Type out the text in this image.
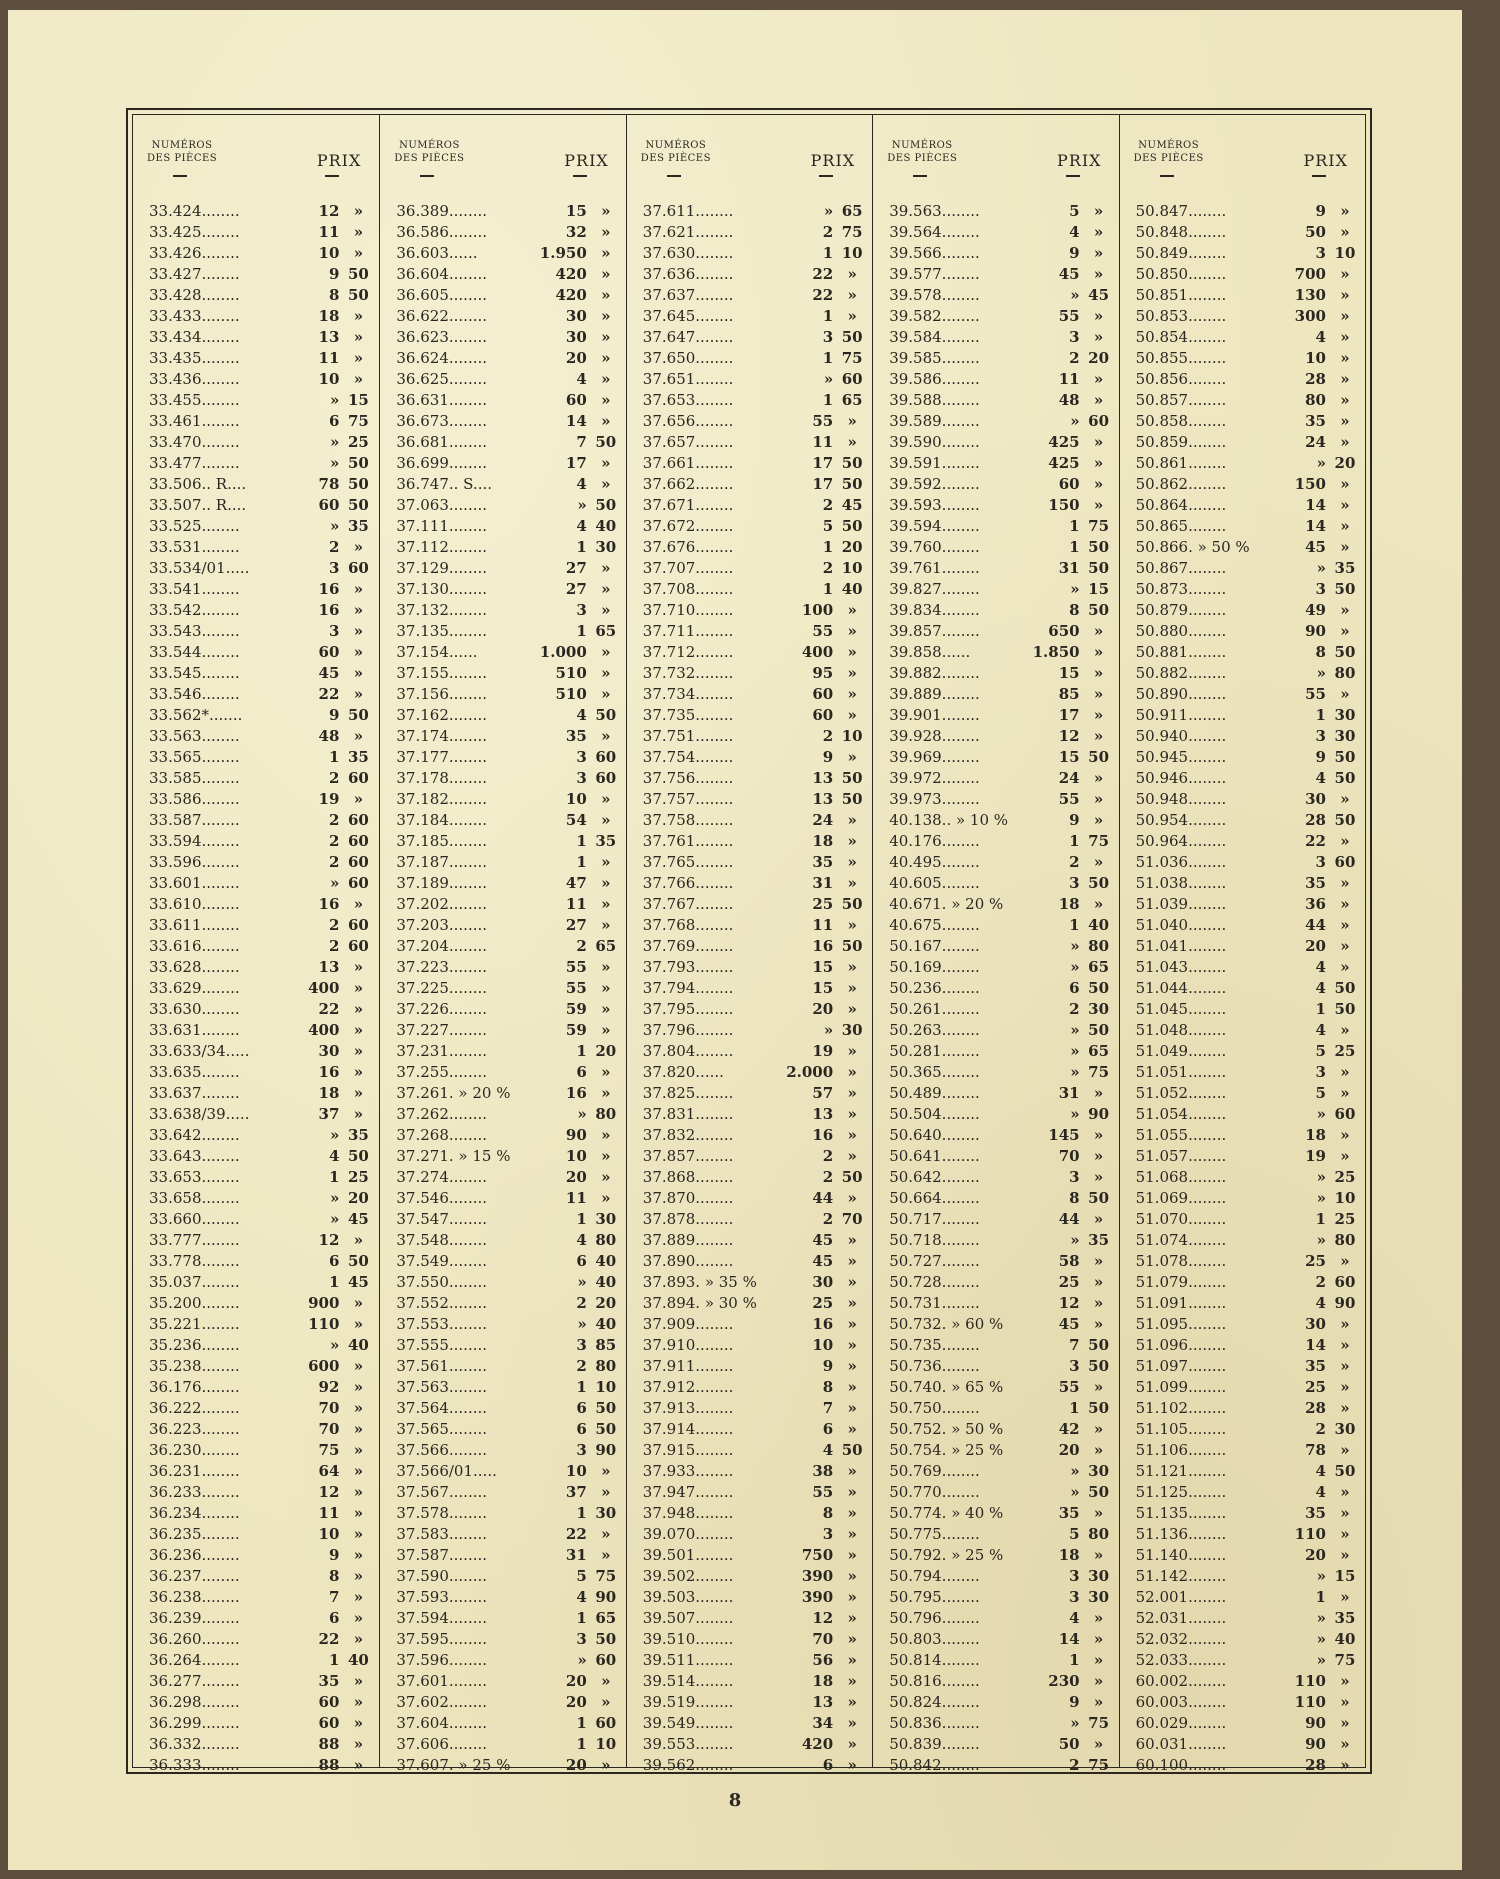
NUMÉROS
DES PIÈCES	PRIX
33.424........	12 »
33.425........	11 »
33.426........	10 »
33.427........	9 50
33.428........	8 50
33.433........	18 »
33.434........	13 »
33.435........	11 »
33.436........	10 »
33.455........	» 15
33.461........	6 75
33.470........	» 25
33.477........	» 50
33.506.. R....	78 50
33.507.. R....	60 50
33.525........	» 35
33.531........	2 »
33.534/01.....	3 60
33.541........	16 »
33.542........	16 »
33.543........	3 »
33.544........	60 »
33.545........	45 »
33.546........	22 »
33.562*.......	9 50
33.563........	48 »
33.565........	1 35
33.585........	2 60
33.586........	19 »
33.587........	2 60
33.594........	2 60
33.596........	2 60
33.601........	» 60
33.610........	16 »
33.611........	2 60
33.616........	2 60
33.628........	13 »
33.629........	400 »
33.630........	22 »
33.631........	400 »
33.633/34.....	30 »
33.635........	16 »
33.637........	18 »
33.638/39.....	37 »
33.642........	» 35
33.643........	4 50
33.653........	1 25
33.658........	» 20
33.660........	» 45
33.777........	12 »
33.778........	6 50
35.037........	1 45
35.200........	900 »
35.221........	110 »
35.236........	» 40
35.238........	600 »
36.176........	92 »
36.222........	70 »
36.223........	70 »
36.230........	75 »
36.231........	64 »
36.233........	12 »
36.234........	11 »
36.235........	10 »
36.236........	9 »
36.237........	8 »
36.238........	7 »
36.239........	6 »
36.260........	22 »
36.264........	1 40
36.277........	35 »
36.298........	60 »
36.299........	60 »
36.332........	88 »
36.333........	88 »
NUMÉROS
DES PIÈCES	PRIX
36.389........	15 »
36.586........	32 »
36.603......	1.950 »
36.604........	420 »
36.605........	420 »
36.622........	30 »
36.623........	30 »
36.624........	20 »
36.625........	4 »
36.631........	60 »
36.673........	14 »
36.681........	7 50
36.699........	17 »
36.747.. S....	4 »
37.063........	» 50
37.111........	4 40
37.112........	1 30
37.129........	27 »
37.130........	27 »
37.132........	3 »
37.135........	1 65
37.154......	1.000 »
37.155........	510 »
37.156........	510 »
37.162........	4 50
37.174........	35 »
37.177........	3 60
37.178........	3 60
37.182........	10 »
37.184........	54 »
37.185........	1 35
37.187........	1 »
37.189........	47 »
37.202........	11 »
37.203........	27 »
37.204........	2 65
37.223........	55 »
37.225........	55 »
37.226........	59 »
37.227........	59 »
37.231........	1 20
37.255........	6 »
37.261. » 20 %	16 »
37.262........	» 80
37.268........	90 »
37.271. » 15 %	10 »
37.274........	20 »
37.546........	11 »
37.547........	1 30
37.548........	4 80
37.549........	6 40
37.550........	» 40
37.552........	2 20
37.553........	» 40
37.555........	3 85
37.561........	2 80
37.563........	1 10
37.564........	6 50
37.565........	6 50
37.566........	3 90
37.566/01.....	10 »
37.567........	37 »
37.578........	1 30
37.583........	22 »
37.587........	31 »
37.590........	5 75
37.593........	4 90
37.594........	1 65
37.595........	3 50
37.596........	» 60
37.601........	20 »
37.602........	20 »
37.604........	1 60
37.606........	1 10
37.607. » 25 %	20 »
NUMÉROS
DES PIÈCES	PRIX
37.611........	» 65
37.621........	2 75
37.630........	1 10
37.636........	22 »
37.637........	22 »
37.645........	1 »
37.647........	3 50
37.650........	1 75
37.651........	» 60
37.653........	1 65
37.656........	55 »
37.657........	11 »
37.661........	17 50
37.662........	17 50
37.671........	2 45
37.672........	5 50
37.676........	1 20
37.707........	2 10
37.708........	1 40
37.710........	100 »
37.711........	55 »
37.712........	400 »
37.732........	95 »
37.734........	60 »
37.735........	60 »
37.751........	2 10
37.754........	9 »
37.756........	13 50
37.757........	13 50
37.758........	24 »
37.761........	18 »
37.765........	35 »
37.766........	31 »
37.767........	25 50
37.768........	11 »
37.769........	16 50
37.793........	15 »
37.794........	15 »
37.795........	20 »
37.796........	» 30
37.804........	19 »
37.820......	2.000 »
37.825........	57 »
37.831........	13 »
37.832........	16 »
37.857........	2 »
37.868........	2 50
37.870........	44 »
37.878........	2 70
37.889........	45 »
37.890........	45 »
37.893. » 35 %	30 »
37.894. » 30 %	25 »
37.909........	16 »
37.910........	10 »
37.911........	9 »
37.912........	8 »
37.913........	7 »
37.914........	6 »
37.915........	4 50
37.933........	38 »
37.947........	55 »
37.948........	8 »
39.070........	3 »
39.501........	750 »
39.502........	390 »
39.503........	390 »
39.507........	12 »
39.510........	70 »
39.511........	56 »
39.514........	18 »
39.519........	13 »
39.549........	34 »
39.553........	420 »
39.562........	6 »
NUMÉROS
DES PIÈCES	PRIX
39.563........	5 »
39.564........	4 »
39.566........	9 »
39.577........	45 »
39.578........	» 45
39.582........	55 »
39.584........	3 »
39.585........	2 20
39.586........	11 »
39.588........	48 »
39.589........	» 60
39.590........	425 »
39.591........	425 »
39.592........	60 »
39.593........	150 »
39.594........	1 75
39.760........	1 50
39.761........	31 50
39.827........	» 15
39.834........	8 50
39.857........	650 »
39.858......	1.850 »
39.882........	15 »
39.889........	85 »
39.901........	17 »
39.928........	12 »
39.969........	15 50
39.972........	24 »
39.973........	55 »
40.138.. » 10 %	9 »
40.176........	1 75
40.495........	2 »
40.605........	3 50
40.671. » 20 %	18 »
40.675........	1 40
50.167........	» 80
50.169........	» 65
50.236........	6 50
50.261........	2 30
50.263........	» 50
50.281........	» 65
50.365........	» 75
50.489........	31 »
50.504........	» 90
50.640........	145 »
50.641........	70 »
50.642........	3 »
50.664........	8 50
50.717........	44 »
50.718........	» 35
50.727........	58 »
50.728........	25 »
50.731........	12 »
50.732. » 60 %	45 »
50.735........	7 50
50.736........	3 50
50.740. » 65 %	55 »
50.750........	1 50
50.752. » 50 %	42 »
50.754. » 25 %	20 »
50.769........	» 30
50.770........	» 50
50.774. » 40 %	35 »
50.775........	5 80
50.792. » 25 %	18 »
50.794........	3 30
50.795........	3 30
50.796........	4 »
50.803........	14 »
50.814........	1 »
50.816........	230 »
50.824........	9 »
50.836........	» 75
50.839........	50 »
50.842........	2 75
NUMÉROS
DES PIÈCES	PRIX
50.847........	9 »
50.848........	50 »
50.849........	3 10
50.850........	700 »
50.851........	130 »
50.853........	300 »
50.854........	4 »
50.855........	10 »
50.856........	28 »
50.857........	80 »
50.858........	35 »
50.859........	24 »
50.861........	» 20
50.862........	150 »
50.864........	14 »
50.865........	14 »
50.866. » 50 %	45 »
50.867........	» 35
50.873........	3 50
50.879........	49 »
50.880........	90 »
50.881........	8 50
50.882........	» 80
50.890........	55 »
50.911........	1 30
50.940........	3 30
50.945........	9 50
50.946........	4 50
50.948........	30 »
50.954........	28 50
50.964........	22 »
51.036........	3 60
51.038........	35 »
51.039........	36 »
51.040........	44 »
51.041........	20 »
51.043........	4 »
51.044........	4 50
51.045........	1 50
51.048........	4 »
51.049........	5 25
51.051........	3 »
51.052........	5 »
51.054........	» 60
51.055........	18 »
51.057........	19 »
51.068........	» 25
51.069........	» 10
51.070........	1 25
51.074........	» 80
51.078........	25 »
51.079........	2 60
51.091........	4 90
51.095........	30 »
51.096........	14 »
51.097........	35 »
51.099........	25 »
51.102........	28 »
51.105........	2 30
51.106........	78 »
51.121........	4 50
51.125........	4 »
51.135........	35 »
51.136........	110 »
51.140........	20 »
51.142........	» 15
52.001........	1 »
52.031........	» 35
52.032........	» 40
52.033........	» 75
60.002........	110 »
60.003........	110 »
60.029........	90 »
60.031........	90 »
60.100........	28 »
8
